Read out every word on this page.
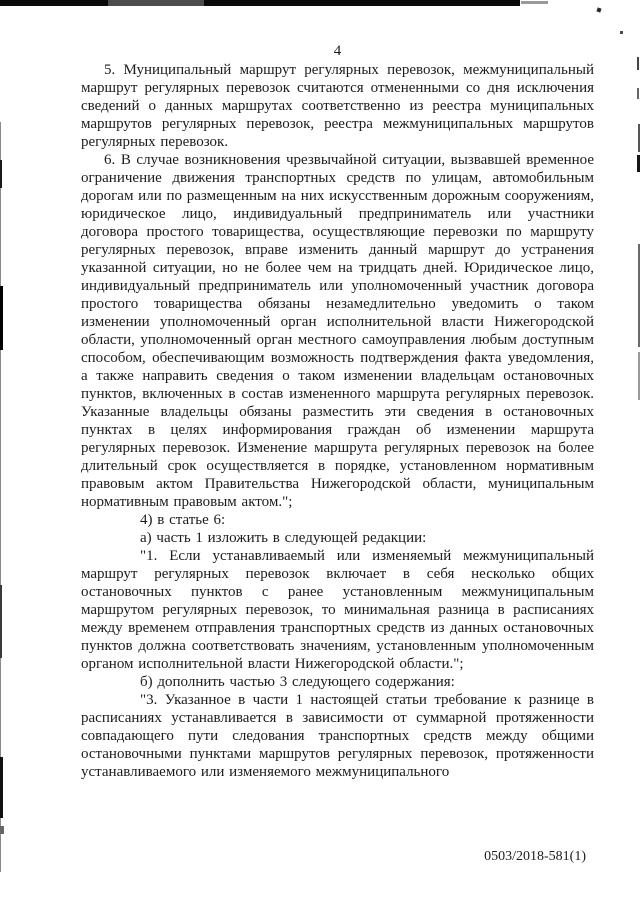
4

5. Муниципальный маршрут регулярных перевозок, межмуниципальный маршрут регулярных перевозок считаются отмененными со дня исключения сведений о данных маршрутах соответственно из реестра муниципальных маршрутов регулярных перевозок, реестра межмуниципальных маршрутов регулярных перевозок.

6. В случае возникновения чрезвычайной ситуации, вызвавшей временное ограничение движения транспортных средств по улицам, автомобильным дорогам или по размещенным на них искусственным дорожным сооружениям, юридическое лицо, индивидуальный предприниматель или участники договора простого товарищества, осуществляющие перевозки по маршруту регулярных перевозок, вправе изменить данный маршрут до устранения указанной ситуации, но не более чем на тридцать дней. Юридическое лицо, индивидуальный предприниматель или уполномоченный участник договора простого товарищества обязаны незамедлительно уведомить о таком изменении уполномоченный орган исполнительной власти Нижегородской области, уполномоченный орган местного самоуправления любым доступным способом, обеспечивающим возможность подтверждения факта уведомления, а также направить сведения о таком изменении владельцам остановочных пунктов, включенных в состав измененного маршрута регулярных перевозок. Указанные владельцы обязаны разместить эти сведения в остановочных пунктах в целях информирования граждан об изменении маршрута регулярных перевозок. Изменение маршрута регулярных перевозок на более длительный срок осуществляется в порядке, установленном нормативным правовым актом Правительства Нижегородской области, муниципальным нормативным правовым актом.";

4) в статье 6:

а) часть 1 изложить в следующей редакции:

"1. Если устанавливаемый или изменяемый межмуниципальный маршрут регулярных перевозок включает в себя несколько общих остановочных пунктов с ранее установленным межмуниципальным маршрутом регулярных перевозок, то минимальная разница в расписаниях между временем отправления транспортных средств из данных остановочных пунктов должна соответствовать значениям, установленным уполномоченным органом исполнительной власти Нижегородской области.";

б) дополнить частью 3 следующего содержания:

"3. Указанное в части 1 настоящей статьи требование к разнице в расписаниях устанавливается в зависимости от суммарной протяженности совпадающего пути следования транспортных средств между общими остановочными пунктами маршрутов регулярных перевозок, протяженности устанавливаемого или изменяемого межмуниципального

0503/2018-581(1)
